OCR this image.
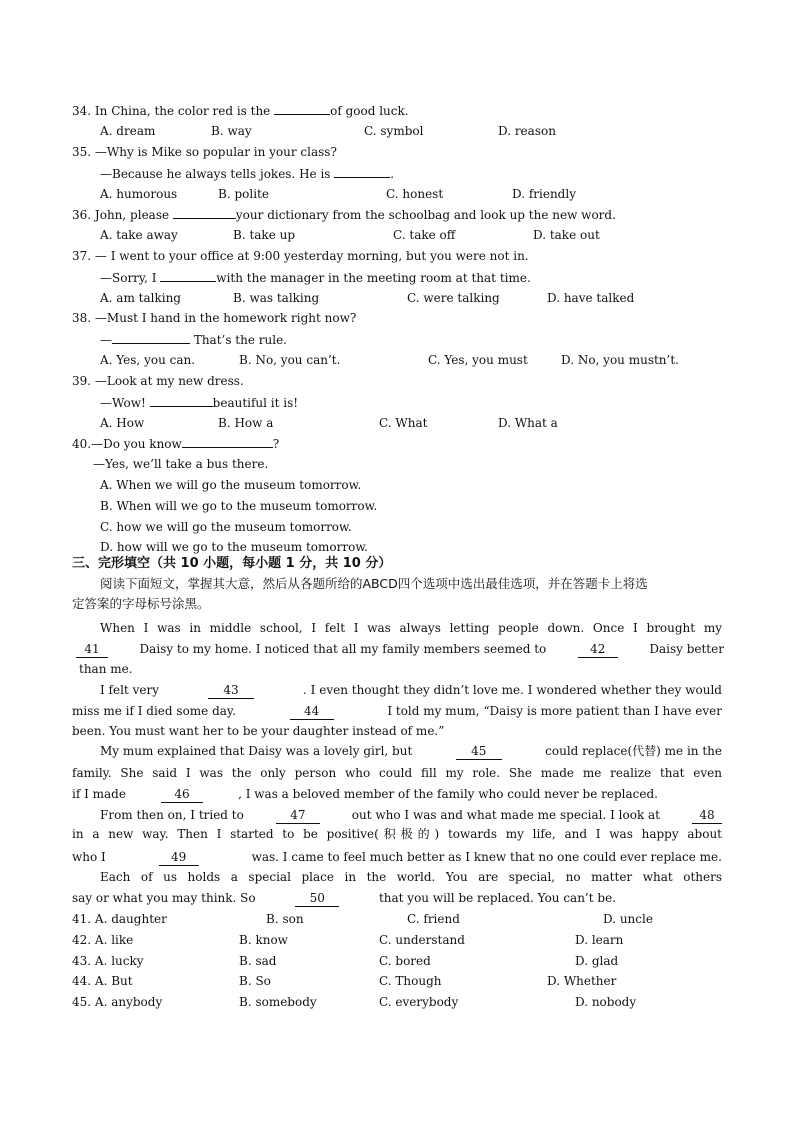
34. In China, the color red is the	of good luck.
A. dream	B. way	C. symbol	D. reason
35. —Why is Mike so popular in your class?
—Because he always tells jokes. He is	.
A. humorous	B. polite	C. honest	D. friendly
36. John, please	your dictionary from the schoolbag and look up the new word.
A. take away	B. take up	C. take off	D. take out
37. — I went to your office at 9:00 yesterday morning, but you were not in.
—Sorry, I	with the manager in the meeting room at that time.
A. am talking	B. was talking	C. were talking	D. have talked
38. —Must I hand in the homework right now?
—	That’s the rule.
A. Yes, you can.	B. No, you can’t.	C. Yes, you must	D. No, you mustn’t.
39. —Look at my new dress.
—Wow!	beautiful it is!
A. How	B. How a	C. What	D. What a
40.—Do you know	?
—Yes, we’ll take a bus there.
A. When we will go the museum tomorrow.
B. When will we go to the museum tomorrow.
C. how we will go the museum tomorrow.
D. how will we go to the museum tomorrow.
三、完形填空（共 10 小题，每小题 1 分，共 10 分）
阅读下面短文，掌握其大意，然后从各题所给的ABCD四个选项中选出最佳选项，并在答题卡上将选
定答案的字母标号涂黑。
When I was in middle school, I felt I was always letting people down. Once I brought my
41	Daisy to my home. I noticed that all my family members seemed to	42	Daisy better
than me.
I felt very	43	. I even thought they didn’t love me. I wondered whether they would
miss me if I died some day.	44	I told my mum, “Daisy is more patient than I have ever
been. You must want her to be your daughter instead of me.”
My mum explained that Daisy was a lovely girl, but	45	could replace(代替) me in the
family. She said I was the only person who could fill my role. She made me realize that even
if I made	46	, I was a beloved member of the family who could never be replaced.
From then on, I tried to	47	out who I was and what made me special. I look at	48
in a new way. Then I started to be positive(积极的) towards my life, and I was happy about
who I	49	was. I came to feel much better as I knew that no one could ever replace me.
Each of us holds a special place in the world. You are special, no matter what others
say or what you may think. So	50	that you will be replaced. You can’t be.
41. A. daughter	B. son	C. friend	D. uncle
42. A. like	B. know	C. understand	D. learn
43. A. lucky	B. sad	C. bored	D. glad
44. A. But	B. So	C. Though	D. Whether
45. A. anybody	B. somebody	C. everybody	D. nobody
